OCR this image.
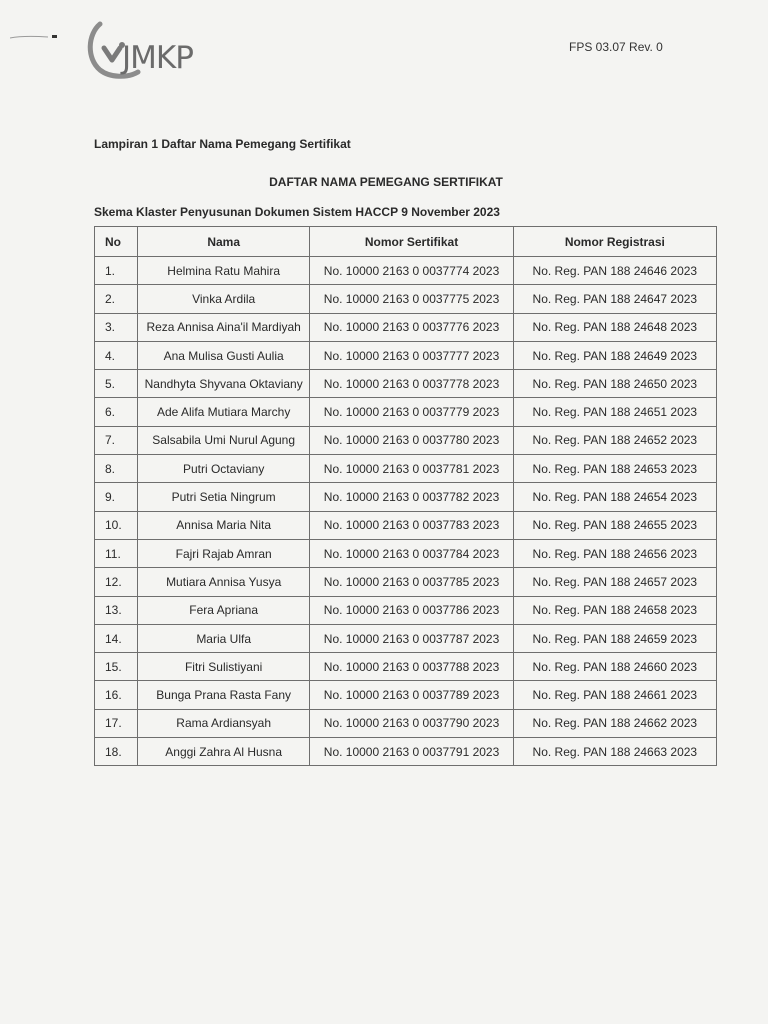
JMKP	FPS 03.07 Rev. 0
Lampiran 1 Daftar Nama Pemegang Sertifikat
DAFTAR NAMA PEMEGANG SERTIFIKAT
Skema Klaster Penyusunan Dokumen Sistem HACCP 9 November 2023
No	Nama	Nomor Sertifikat	Nomor Registrasi
1.	Helmina Ratu Mahira	No. 10000 2163 0 0037774 2023	No. Reg. PAN 188 24646 2023
2.	Vinka Ardila	No. 10000 2163 0 0037775 2023	No. Reg. PAN 188 24647 2023
3.	Reza Annisa Aina'il Mardiyah	No. 10000 2163 0 0037776 2023	No. Reg. PAN 188 24648 2023
4.	Ana Mulisa Gusti Aulia	No. 10000 2163 0 0037777 2023	No. Reg. PAN 188 24649 2023
5.	Nandhyta Shyvana Oktaviany	No. 10000 2163 0 0037778 2023	No. Reg. PAN 188 24650 2023
6.	Ade Alifa Mutiara Marchy	No. 10000 2163 0 0037779 2023	No. Reg. PAN 188 24651 2023
7.	Salsabila Umi Nurul Agung	No. 10000 2163 0 0037780 2023	No. Reg. PAN 188 24652 2023
8.	Putri Octaviany	No. 10000 2163 0 0037781 2023	No. Reg. PAN 188 24653 2023
9.	Putri Setia Ningrum	No. 10000 2163 0 0037782 2023	No. Reg. PAN 188 24654 2023
10.	Annisa Maria Nita	No. 10000 2163 0 0037783 2023	No. Reg. PAN 188 24655 2023
11.	Fajri Rajab Amran	No. 10000 2163 0 0037784 2023	No. Reg. PAN 188 24656 2023
12.	Mutiara Annisa Yusya	No. 10000 2163 0 0037785 2023	No. Reg. PAN 188 24657 2023
13.	Fera Apriana	No. 10000 2163 0 0037786 2023	No. Reg. PAN 188 24658 2023
14.	Maria Ulfa	No. 10000 2163 0 0037787 2023	No. Reg. PAN 188 24659 2023
15.	Fitri Sulistiyani	No. 10000 2163 0 0037788 2023	No. Reg. PAN 188 24660 2023
16.	Bunga Prana Rasta Fany	No. 10000 2163 0 0037789 2023	No. Reg. PAN 188 24661 2023
17.	Rama Ardiansyah	No. 10000 2163 0 0037790 2023	No. Reg. PAN 188 24662 2023
18.	Anggi Zahra Al Husna	No. 10000 2163 0 0037791 2023	No. Reg. PAN 188 24663 2023
